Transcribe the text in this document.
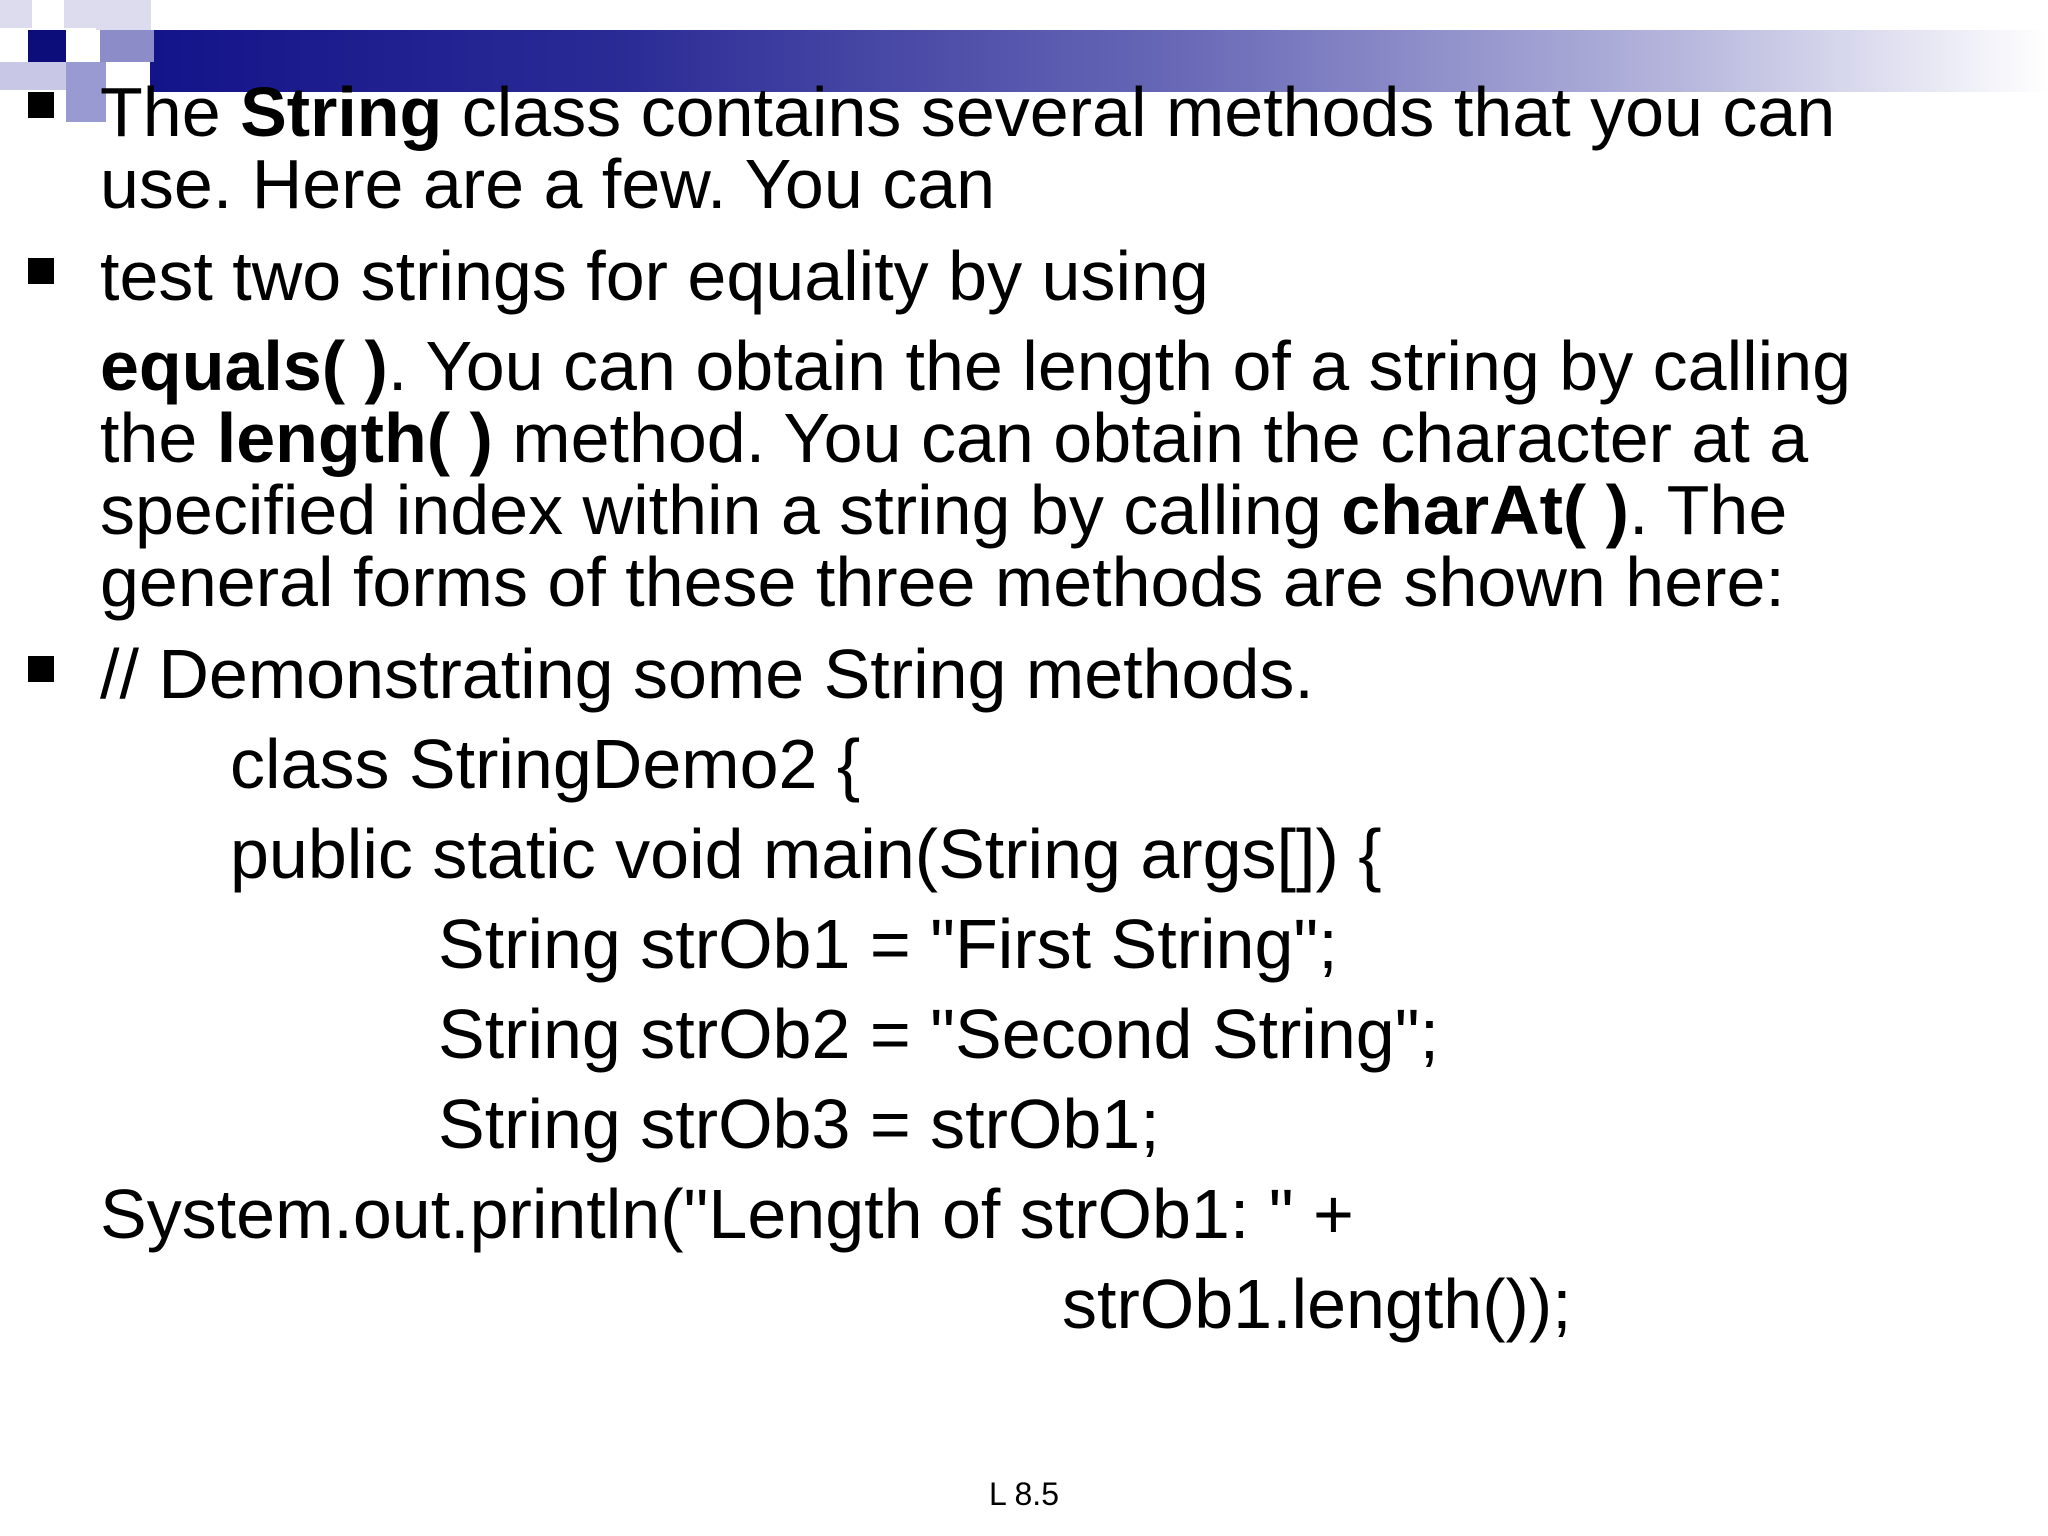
The String class contains several methods that you can
use. Here are a few. You can
test two strings for equality by using
equals( ). You can obtain the length of a string by calling
the length( ) method. You can obtain the character at a
specified index within a string by calling charAt( ). The
general forms of these three methods are shown here:
// Demonstrating some String methods.
class StringDemo2 {
public static void main(String args[]) {
String strOb1 = "First String";
String strOb2 = "Second String";
String strOb3 = strOb1;
System.out.println("Length of strOb1: " +
strOb1.length());
L 8.5
